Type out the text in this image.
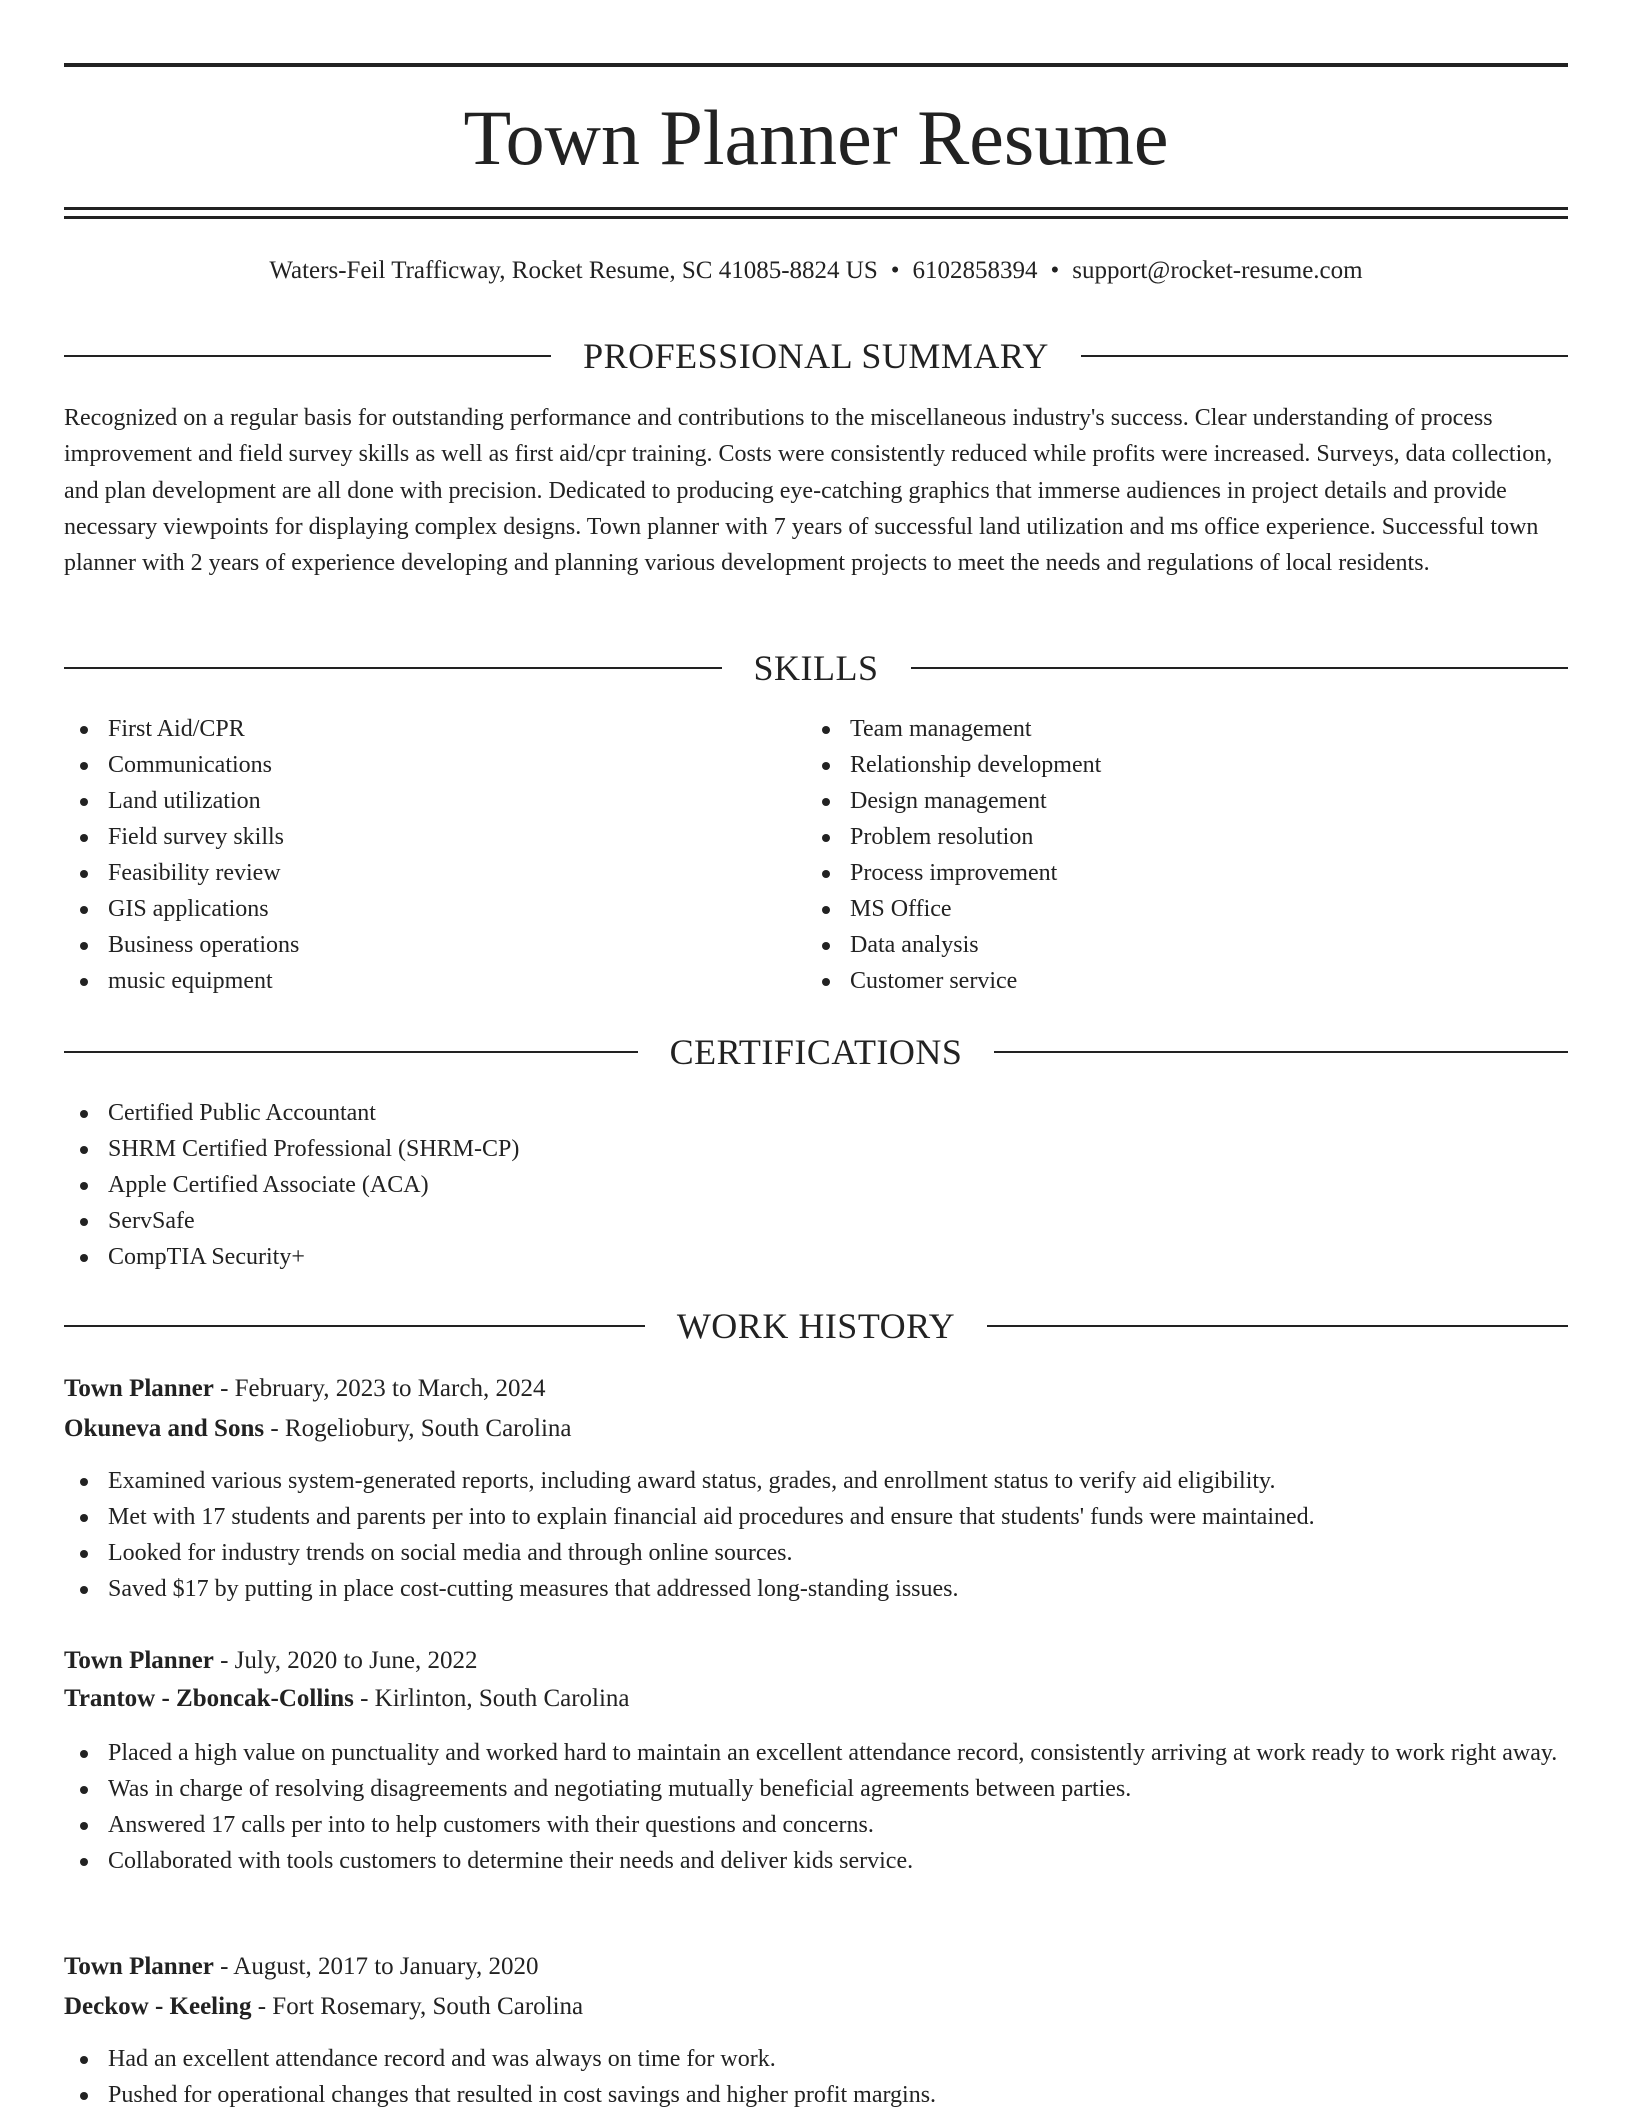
Town Planner Resume
Waters-Feil Trafficway, Rocket Resume, SC 41085-8824 US • 6102858394 • support@rocket-resume.com
PROFESSIONAL SUMMARY

Recognized on a regular basis for outstanding performance and contributions to the miscellaneous industry's success. Clear understanding of process improvement and field survey skills as well as first aid/cpr training. Costs were consistently reduced while profits were increased. Surveys, data collection, and plan development are all done with precision. Dedicated to producing eye-catching graphics that immerse audiences in project details and provide necessary viewpoints for displaying complex designs. Town planner with 7 years of successful land utilization and ms office experience. Successful town planner with 2 years of experience developing and planning various development projects to meet the needs and regulations of local residents.

SKILLS
First Aid/CPR
Communications
Land utilization
Field survey skills
Feasibility review
GIS applications
Business operations
music equipment
Team management
Relationship development
Design management
Problem resolution
Process improvement
MS Office
Data analysis
Customer service
CERTIFICATIONS
Certified Public Accountant
SHRM Certified Professional (SHRM-CP)
Apple Certified Associate (ACA)
ServSafe
CompTIA Security+
WORK HISTORY
Town Planner - February, 2023 to March, 2024
Okuneva and Sons - Rogeliobury, South Carolina
Examined various system-generated reports, including award status, grades, and enrollment status to verify aid eligibility.
Met with 17 students and parents per into to explain financial aid procedures and ensure that students' funds were maintained.
Looked for industry trends on social media and through online sources.
Saved $17 by putting in place cost-cutting measures that addressed long-standing issues.
Town Planner - July, 2020 to June, 2022
Trantow - Zboncak-Collins - Kirlinton, South Carolina
Placed a high value on punctuality and worked hard to maintain an excellent attendance record, consistently arriving at work ready to work right away.
Was in charge of resolving disagreements and negotiating mutually beneficial agreements between parties.
Answered 17 calls per into to help customers with their questions and concerns.
Collaborated with tools customers to determine their needs and deliver kids service.
Town Planner - August, 2017 to January, 2020
Deckow - Keeling - Fort Rosemary, South Carolina
Had an excellent attendance record and was always on time for work.
Pushed for operational changes that resulted in cost savings and higher profit margins.
